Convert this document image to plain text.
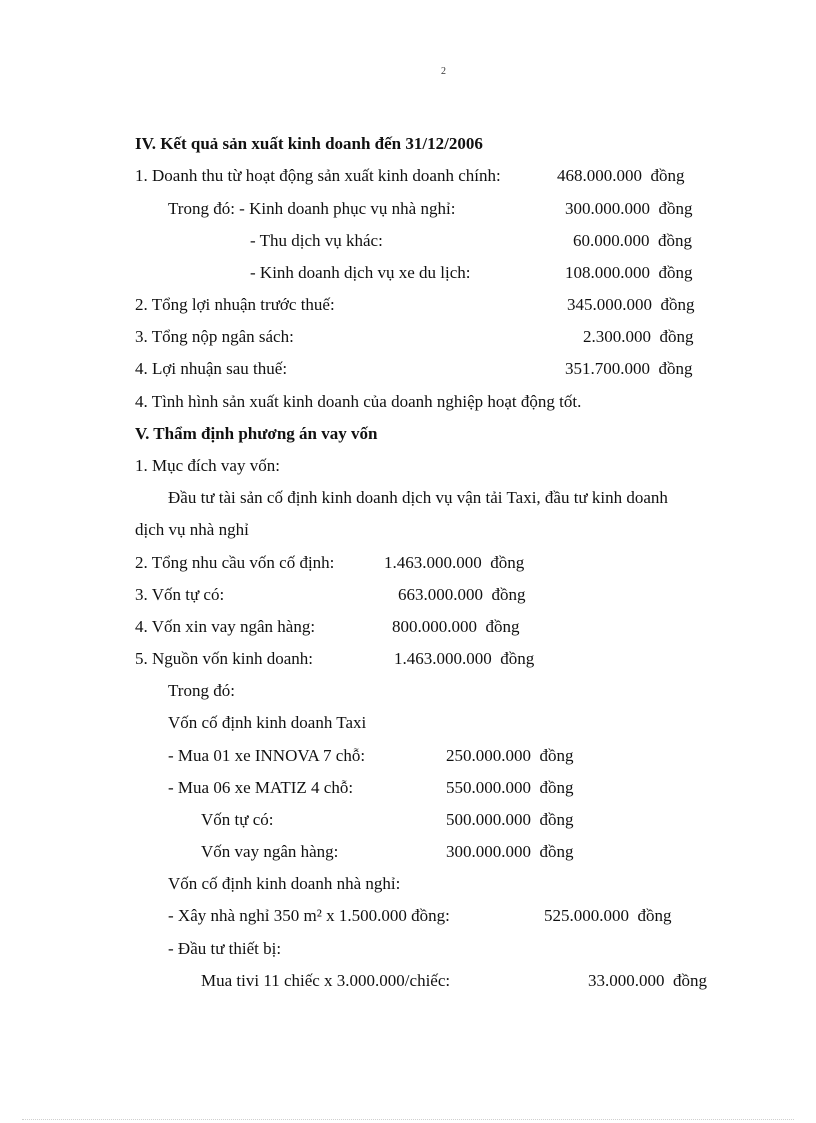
2
IV. Kết quả sản xuất kinh doanh đến 31/12/2006
1. Doanh thu từ hoạt động sản xuất kinh doanh chính:	468.000.000  đồng
Trong đó: - Kinh doanh phục vụ nhà nghỉ:	300.000.000  đồng
- Thu dịch vụ khác:	60.000.000  đồng
- Kinh doanh dịch vụ xe du lịch:	108.000.000  đồng
2. Tổng lợi nhuận trước thuế:	345.000.000  đồng
3. Tổng nộp ngân sách:	2.300.000  đồng
4. Lợi nhuận sau thuế:	351.700.000  đồng
4. Tình hình sản xuất kinh doanh của doanh nghiệp hoạt động tốt.
V. Thẩm định phương án vay vốn
1. Mục đích vay vốn:
Đầu tư tài sản cố định kinh doanh dịch vụ vận tải Taxi, đầu tư kinh doanh
dịch vụ nhà nghỉ
2. Tổng nhu cầu vốn cố định:	1.463.000.000  đồng
3. Vốn tự có:	663.000.000  đồng
4. Vốn xin vay ngân hàng:	800.000.000  đồng
5. Nguồn vốn kinh doanh:	1.463.000.000  đồng
Trong đó:
Vốn cố định kinh doanh Taxi
- Mua 01 xe INNOVA 7 chỗ:	250.000.000  đồng
- Mua 06 xe MATIZ 4 chỗ:	550.000.000  đồng
Vốn tự có:	500.000.000  đồng
Vốn vay ngân hàng:	300.000.000  đồng
Vốn cố định kinh doanh nhà nghỉ:
- Xây nhà nghỉ 350 m² x 1.500.000 đồng:	525.000.000  đồng
- Đầu tư thiết bị:
Mua tivi 11 chiếc x 3.000.000/chiếc:	33.000.000  đồng
